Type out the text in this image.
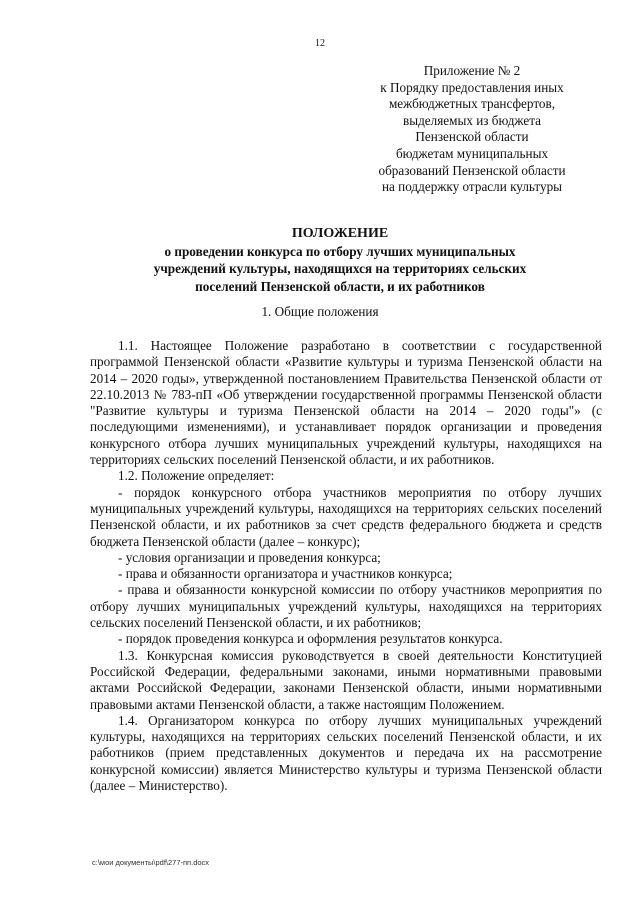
12
Приложение № 2
к Порядку предоставления иных
межбюджетных трансфертов,
выделяемых из бюджета
Пензенской области
бюджетам муниципальных
образований Пензенской области
на поддержку отрасли культуры
ПОЛОЖЕНИЕ
о проведении конкурса по отбору лучших муниципальных
учреждений культуры, находящихся на территориях сельских
поселений Пензенской области, и их работников
1. Общие положения

1.1. Настоящее Положение разработано в соответствии с государственной программой Пензенской области «Развитие культуры и туризма Пензенской области на 2014 – 2020 годы», утвержденной постановлением Правительства Пензенской области от 22.10.2013 № 783-пП «Об утверждении государственной программы Пензенской области "Развитие культуры и туризма Пензенской области на 2014 – 2020 годы"» (с последующими изменениями), и устанавливает порядок организации и проведения конкурсного отбора лучших муниципальных учреждений культуры, находящихся на территориях сельских поселений Пензенской области, и их работников.

1.2. Положение определяет:

- порядок конкурсного отбора участников мероприятия по отбору лучших муниципальных учреждений культуры, находящихся на территориях сельских поселений Пензенской области, и их работников за счет средств федерального бюджета и средств бюджета Пензенской области (далее – конкурс);

- условия организации и проведения конкурса;

- права и обязанности организатора и участников конкурса;

- права и обязанности конкурсной комиссии по отбору участников мероприятия по отбору лучших муниципальных учреждений культуры, находящихся на территориях сельских поселений Пензенской области, и их работников;

- порядок проведения конкурса и оформления результатов конкурса.

1.3. Конкурсная комиссия руководствуется в своей деятельности Конституцией Российской Федерации, федеральными законами, иными нормативными правовыми актами Российской Федерации, законами Пензенской области, иными нормативными правовыми актами Пензенской области, а также настоящим Положением.

1.4. Организатором конкурса по отбору лучших муниципальных учреждений культуры, находящихся на территориях сельских поселений Пензенской области, и их работников (прием представленных документов и передача их на рассмотрение конкурсной комиссии) является Министерство культуры и туризма Пензенской области (далее – Министерство).

c:\мои документы\pdf\277-пп.docx
